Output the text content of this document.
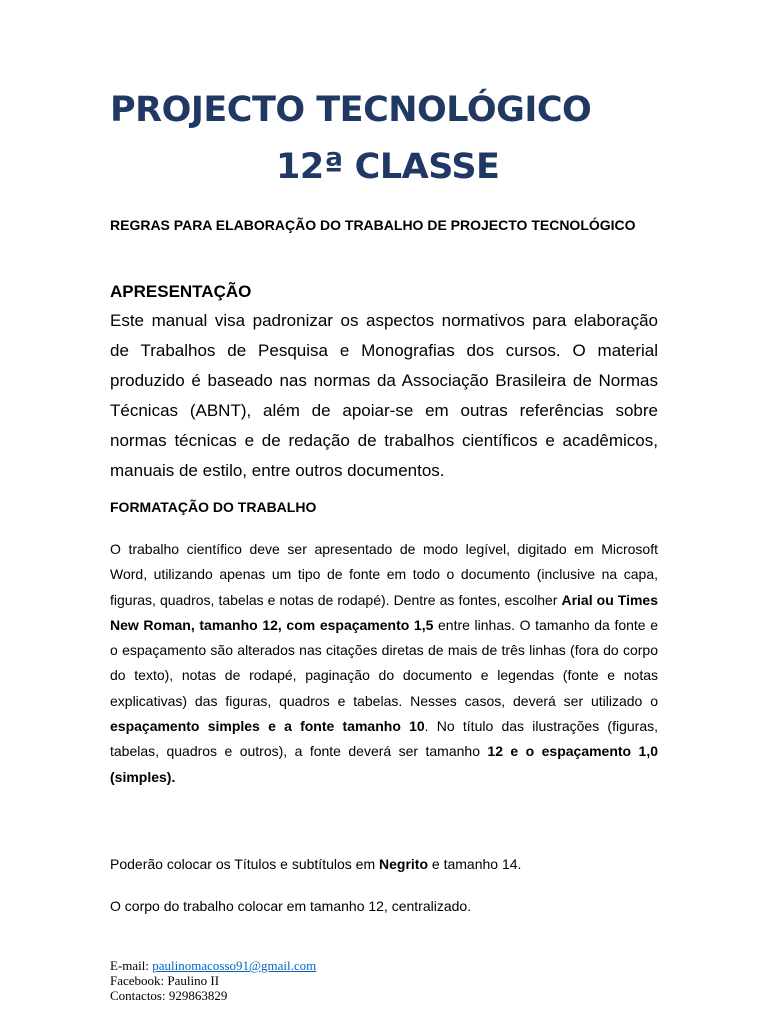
PROJECTO TECNOLÓGICO
12ª CLASSE

REGRAS PARA ELABORAÇÃO DO TRABALHO DE PROJECTO TECNOLÓGICO

APRESENTAÇÃO

Este manual visa padronizar os aspectos normativos para elaboração de Trabalhos de Pesquisa e Monografias dos cursos. O material produzido é baseado nas normas da Associação Brasileira de Normas Técnicas (ABNT), além de apoiar-se em outras referências sobre normas técnicas e de redação de trabalhos científicos e acadêmicos, manuais de estilo, entre outros documentos.

FORMATAÇÃO DO TRABALHO

O trabalho científico deve ser apresentado de modo legível, digitado em Microsoft Word, utilizando apenas um tipo de fonte em todo o documento (inclusive na capa, figuras, quadros, tabelas e notas de rodapé). Dentre as fontes, escolher Arial ou Times New Roman, tamanho 12, com espaçamento 1,5 entre linhas. O tamanho da fonte e o espaçamento são alterados nas citações diretas de mais de três linhas (fora do corpo do texto), notas de rodapé, paginação do documento e legendas (fonte e notas explicativas) das figuras, quadros e tabelas. Nesses casos, deverá ser utilizado o espaçamento simples e a fonte tamanho 10. No título das ilustrações (figuras, tabelas, quadros e outros), a fonte deverá ser tamanho 12 e o espaçamento 1,0 (simples).

Poderão colocar os Títulos e subtítulos em Negrito e tamanho 14.

O corpo do trabalho colocar em tamanho 12, centralizado.

E-mail: paulinomacosso91@gmail.com
Facebook: Paulino II
Contactos: 929863829
